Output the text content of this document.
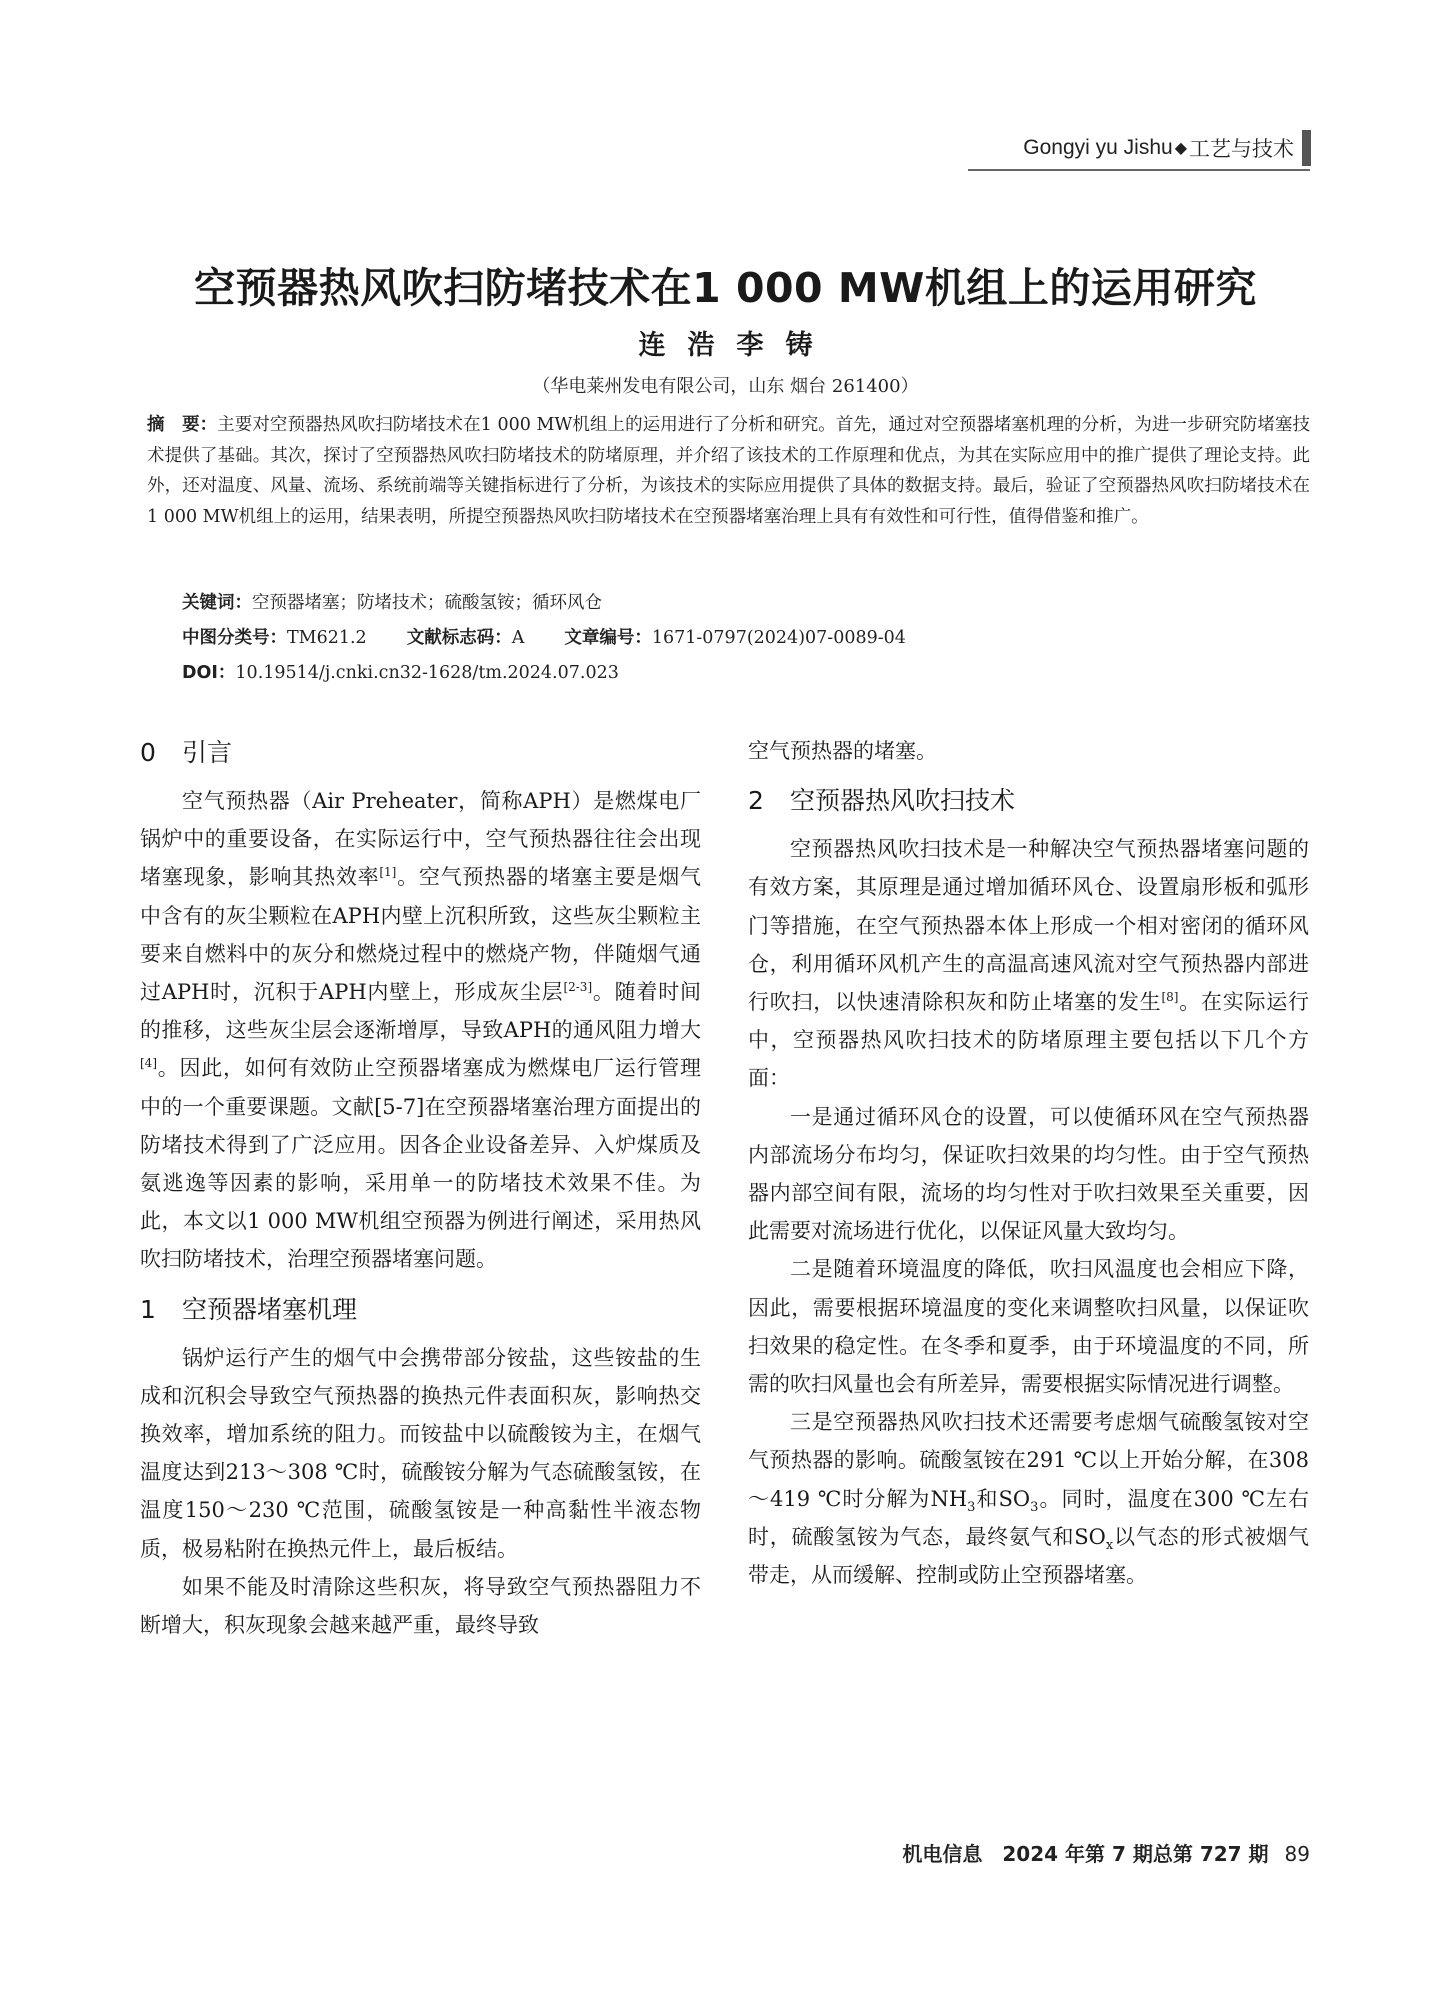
Gongyi yu Jishu ◆ 工艺与技术
空预器热风吹扫防堵技术在1 000 MW机组上的运用研究
连浩李铸
（华电莱州发电有限公司，山东 烟台 261400）
摘　要：主要对空预器热风吹扫防堵技术在1 000 MW机组上的运用进行了分析和研究。首先，通过对空预器堵塞机理的分析，为进一步研究防堵塞技术提供了基础。其次，探讨了空预器热风吹扫防堵技术的防堵原理，并介绍了该技术的工作原理和优点，为其在实际应用中的推广提供了理论支持。此外，还对温度、风量、流场、系统前端等关键指标进行了分析，为该技术的实际应用提供了具体的数据支持。最后，验证了空预器热风吹扫防堵技术在1 000 MW机组上的运用，结果表明，所提空预器热风吹扫防堵技术在空预器堵塞治理上具有有效性和可行性，值得借鉴和推广。
关键词：空预器堵塞；防堵技术；硫酸氢铵；循环风仓
中图分类号：TM621.2 文献标志码：A 文章编号：1671-0797(2024)07-0089-04
DOI：10.19514/j.cnki.cn32-1628/tm.2024.07.023
0 引言

空气预热器（Air Preheater，简称APH）是燃煤电厂锅炉中的重要设备，在实际运行中，空气预热器往往会出现堵塞现象，影响其热效率[1]。空气预热器的堵塞主要是烟气中含有的灰尘颗粒在APH内壁上沉积所致，这些灰尘颗粒主要来自燃料中的灰分和燃烧过程中的燃烧产物，伴随烟气通过APH时，沉积于APH内壁上，形成灰尘层[2-3]。随着时间的推移，这些灰尘层会逐渐增厚，导致APH的通风阻力增大[4]。因此，如何有效防止空预器堵塞成为燃煤电厂运行管理中的一个重要课题。文献[5-7]在空预器堵塞治理方面提出的防堵技术得到了广泛应用。因各企业设备差异、入炉煤质及氨逃逸等因素的影响，采用单一的防堵技术效果不佳。为此，本文以1 000 MW机组空预器为例进行阐述，采用热风吹扫防堵技术，治理空预器堵塞问题。

1 空预器堵塞机理

锅炉运行产生的烟气中会携带部分铵盐，这些铵盐的生成和沉积会导致空气预热器的换热元件表面积灰，影响热交换效率，增加系统的阻力。而铵盐中以硫酸铵为主，在烟气温度达到213～308 ℃时，硫酸铵分解为气态硫酸氢铵，在温度150～230 ℃范围，硫酸氢铵是一种高黏性半液态物质，极易粘附在换热元件上，最后板结。

如果不能及时清除这些积灰，将导致空气预热器阻力不断增大，积灰现象会越来越严重，最终导致

空气预热器的堵塞。

2 空预器热风吹扫技术

空预器热风吹扫技术是一种解决空气预热器堵塞问题的有效方案，其原理是通过增加循环风仓、设置扇形板和弧形门等措施，在空气预热器本体上形成一个相对密闭的循环风仓，利用循环风机产生的高温高速风流对空气预热器内部进行吹扫，以快速清除积灰和防止堵塞的发生[8]。在实际运行中，空预器热风吹扫技术的防堵原理主要包括以下几个方面：

一是通过循环风仓的设置，可以使循环风在空气预热器内部流场分布均匀，保证吹扫效果的均匀性。由于空气预热器内部空间有限，流场的均匀性对于吹扫效果至关重要，因此需要对流场进行优化，以保证风量大致均匀。

二是随着环境温度的降低，吹扫风温度也会相应下降，因此，需要根据环境温度的变化来调整吹扫风量，以保证吹扫效果的稳定性。在冬季和夏季，由于环境温度的不同，所需的吹扫风量也会有所差异，需要根据实际情况进行调整。

三是空预器热风吹扫技术还需要考虑烟气硫酸氢铵对空气预热器的影响。硫酸氢铵在291 ℃以上开始分解，在308～419 ℃时分解为$NH_3$和$SO_3$。同时，温度在300 ℃左右时，硫酸氢铵为气态，最终氨气和$SO_x$以气态的形式被烟气带走，从而缓解、控制或防止空预器堵塞。

机电信息　2024 年第 7 期总第 727 期 89
